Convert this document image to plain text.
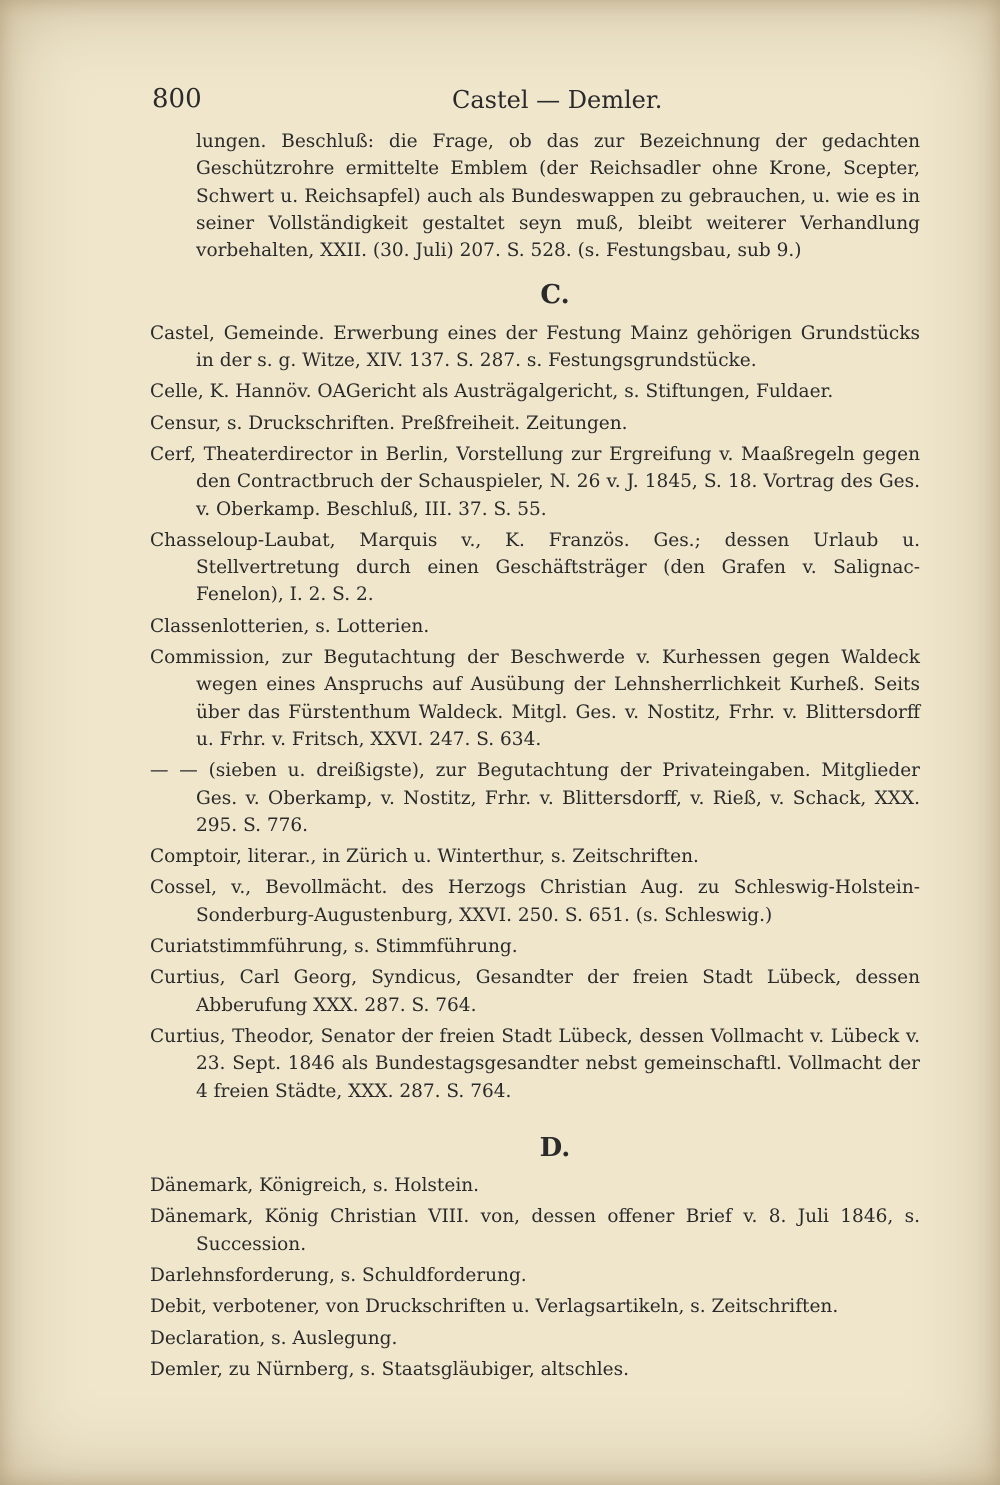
800	Castel — Demler.

lungen. Beschluß: die Frage, ob das zur Bezeichnung der gedachten Geschützrohre ermittelte Emblem (der Reichsadler ohne Krone, Scepter, Schwert u. Reichsapfel) auch als Bundeswappen zu gebrauchen, u. wie es in seiner Vollständigkeit gestaltet seyn muß, bleibt weiterer Verhandlung vorbehalten, XXII. (30. Juli) 207. S. 528. (s. Festungsbau, sub 9.)

C.

Castel, Gemeinde. Erwerbung eines der Festung Mainz gehörigen Grundstücks in der s. g. Witze, XIV. 137. S. 287. s. Festungsgrundstücke.

Celle, K. Hannöv. OAGericht als Austrägalgericht, s. Stiftungen, Fuldaer.

Censur, s. Druckschriften. Preßfreiheit. Zeitungen.

Cerf, Theaterdirector in Berlin, Vorstellung zur Ergreifung v. Maaßregeln gegen den Contractbruch der Schauspieler, N. 26 v. J. 1845, S. 18. Vortrag des Ges. v. Oberkamp. Beschluß, III. 37. S. 55.

Chasseloup-Laubat, Marquis v., K. Französ. Ges.; dessen Urlaub u. Stellvertretung durch einen Geschäftsträger (den Grafen v. Salignac-Fenelon), I. 2. S. 2.

Classenlotterien, s. Lotterien.

Commission, zur Begutachtung der Beschwerde v. Kurhessen gegen Waldeck wegen eines Anspruchs auf Ausübung der Lehnsherrlichkeit Kurheß. Seits über das Fürstenthum Waldeck. Mitgl. Ges. v. Nostitz, Frhr. v. Blittersdorff u. Frhr. v. Fritsch, XXVI. 247. S. 634.

— — (sieben u. dreißigste), zur Begutachtung der Privateingaben. Mitglieder Ges. v. Oberkamp, v. Nostitz, Frhr. v. Blittersdorff, v. Rieß, v. Schack, XXX. 295. S. 776.

Comptoir, literar., in Zürich u. Winterthur, s. Zeitschriften.

Cossel, v., Bevollmächt. des Herzogs Christian Aug. zu Schleswig-Holstein-Sonderburg-Augustenburg, XXVI. 250. S. 651. (s. Schleswig.)

Curiatstimmführung, s. Stimmführung.

Curtius, Carl Georg, Syndicus, Gesandter der freien Stadt Lübeck, dessen Abberufung XXX. 287. S. 764.

Curtius, Theodor, Senator der freien Stadt Lübeck, dessen Vollmacht v. Lübeck v. 23. Sept. 1846 als Bundestagsgesandter nebst gemeinschaftl. Vollmacht der 4 freien Städte, XXX. 287. S. 764.

D.

Dänemark, Königreich, s. Holstein.

Dänemark, König Christian VIII. von, dessen offener Brief v. 8. Juli 1846, s. Succession.

Darlehnsforderung, s. Schuldforderung.

Debit, verbotener, von Druckschriften u. Verlagsartikeln, s. Zeitschriften.

Declaration, s. Auslegung.

Demler, zu Nürnberg, s. Staatsgläubiger, altschles.
